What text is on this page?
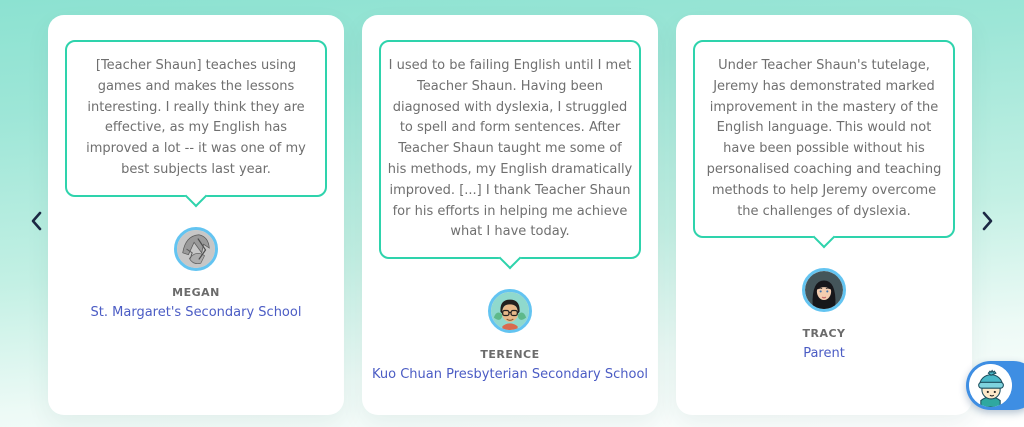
[Teacher Shaun] teaches using games and makes the lessons interesting. I really think they are effective, as my English has improved a lot -- it was one of my best subjects last year.

MEGAN
St. Margaret's Secondary School

I used to be failing English until I met Teacher Shaun. Having been diagnosed with dyslexia, I struggled to spell and form sentences. After Teacher Shaun taught me some of his methods, my English dramatically improved. [...] I thank Teacher Shaun for his efforts in helping me achieve what I have today.

TERENCE
Kuo Chuan Presbyterian Secondary School

Under Teacher Shaun's tutelage, Jeremy has demonstrated marked improvement in the mastery of the English language. This would not have been possible without his personalised coaching and teaching methods to help Jeremy overcome the challenges of dyslexia.

TRACY
Parent
